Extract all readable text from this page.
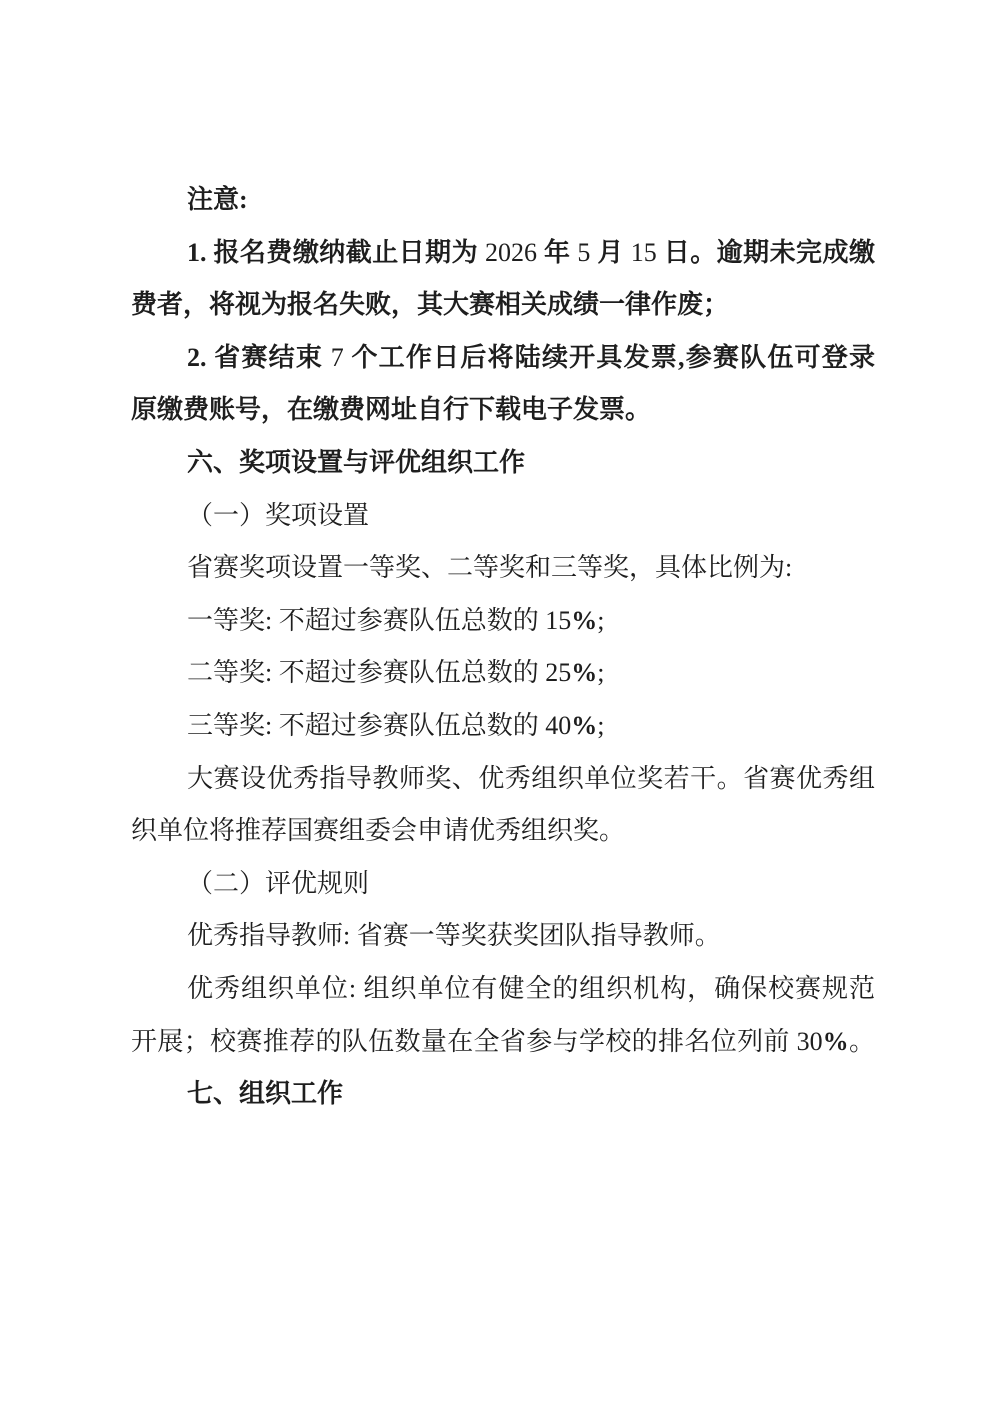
注意:
1. 报名费缴纳截止日期为 2026 年 5 月 15 日。逾期未完成缴
费者，将视为报名失败，其大赛相关成绩一律作废；
2. 省赛结束 7 个工作日后将陆续开具发票,参赛队伍可登录
原缴费账号，在缴费网址自行下载电子发票。
六、奖项设置与评优组织工作
（一）奖项设置
省赛奖项设置一等奖、二等奖和三等奖，具体比例为:
一等奖: 不超过参赛队伍总数的 15%;
二等奖: 不超过参赛队伍总数的 25%;
三等奖: 不超过参赛队伍总数的 40%;
大赛设优秀指导教师奖、优秀组织单位奖若干。省赛优秀组
织单位将推荐国赛组委会申请优秀组织奖。
（二）评优规则
优秀指导教师: 省赛一等奖获奖团队指导教师。
优秀组织单位: 组织单位有健全的组织机构，确保校赛规范
开展；校赛推荐的队伍数量在全省参与学校的排名位列前 30%。
七、组织工作
